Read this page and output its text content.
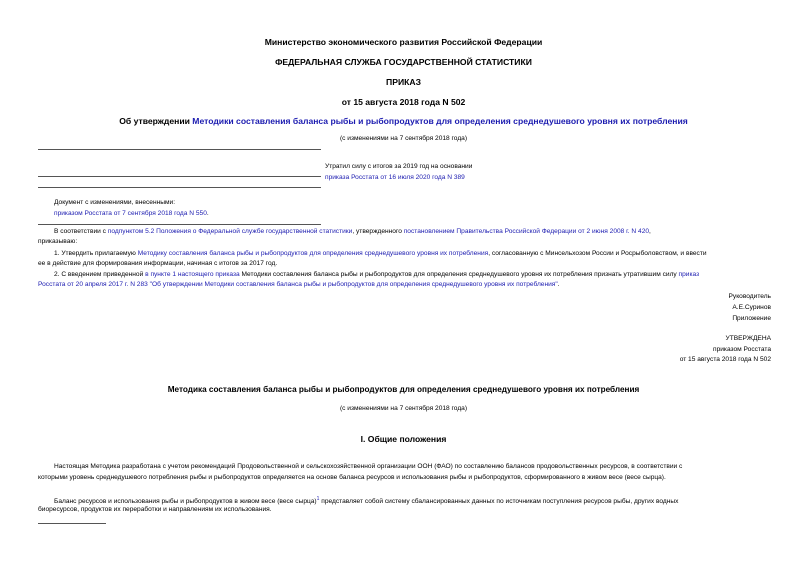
Министерство экономического развития Российской Федерации
ФЕДЕРАЛЬНАЯ СЛУЖБА ГОСУДАРСТВЕННОЙ СТАТИСТИКИ
ПРИКАЗ
от 15 августа 2018 года N 502
Об утверждении Методики составления баланса рыбы и рыбопродуктов для определения среднедушевого уровня их потребления
(с изменениями на 7 сентября 2018 года)
Утратил силу с итогов за 2019 год на основании
приказа Росстата от 16 июля 2020 года N 389
Документ с изменениями, внесенными:
приказом Росстата от 7 сентября 2018 года N 550.
В соответствии с подпунктом 5.2 Положения о Федеральной службе государственной статистики, утвержденного постановлением Правительства Российской Федерации от 2 июня 2008 г. N 420,
приказываю:
1. Утвердить прилагаемую Методику составления баланса рыбы и рыбопродуктов для определения среднедушевого уровня их потребления, согласованную с Минсельхозом России и Росрыболовством, и ввести
ее в действие для формирования информации, начиная с итогов за 2017 год.
2. С введением приведенной в пункте 1 настоящего приказа Методики составления баланса рыбы и рыбопродуктов для определения среднедушевого уровня их потребления признать утратившим силу приказ
Росстата от 20 апреля 2017 г. N 283 "Об утверждении Методики составления баланса рыбы и рыбопродуктов для определения среднедушевого уровня их потребления".
Руководитель
А.Е.Суринов
Приложение
УТВЕРЖДЕНА
приказом Росстата
от 15 августа 2018 года N 502
Методика составления баланса рыбы и рыбопродуктов для определения среднедушевого уровня их потребления
(с изменениями на 7 сентября 2018 года)
I. Общие положения
Настоящая Методика разработана с учетом рекомендаций Продовольственной и сельскохозяйственной организации ООН (ФАО) по составлению балансов продовольственных ресурсов, в соответствии с
которыми уровень среднедушевого потребления рыбы и рыбопродуктов определяется на основе баланса ресурсов и использования рыбы и рыбопродуктов, сформированного в живом весе (весе сырца).
Баланс ресурсов и использования рыбы и рыбопродуктов в живом весе (весе сырца)$^1$ представляет собой систему сбалансированных данных по источникам поступления ресурсов рыбы, других водных
биоресурсов, продуктов их переработки и направлениям их использования.
